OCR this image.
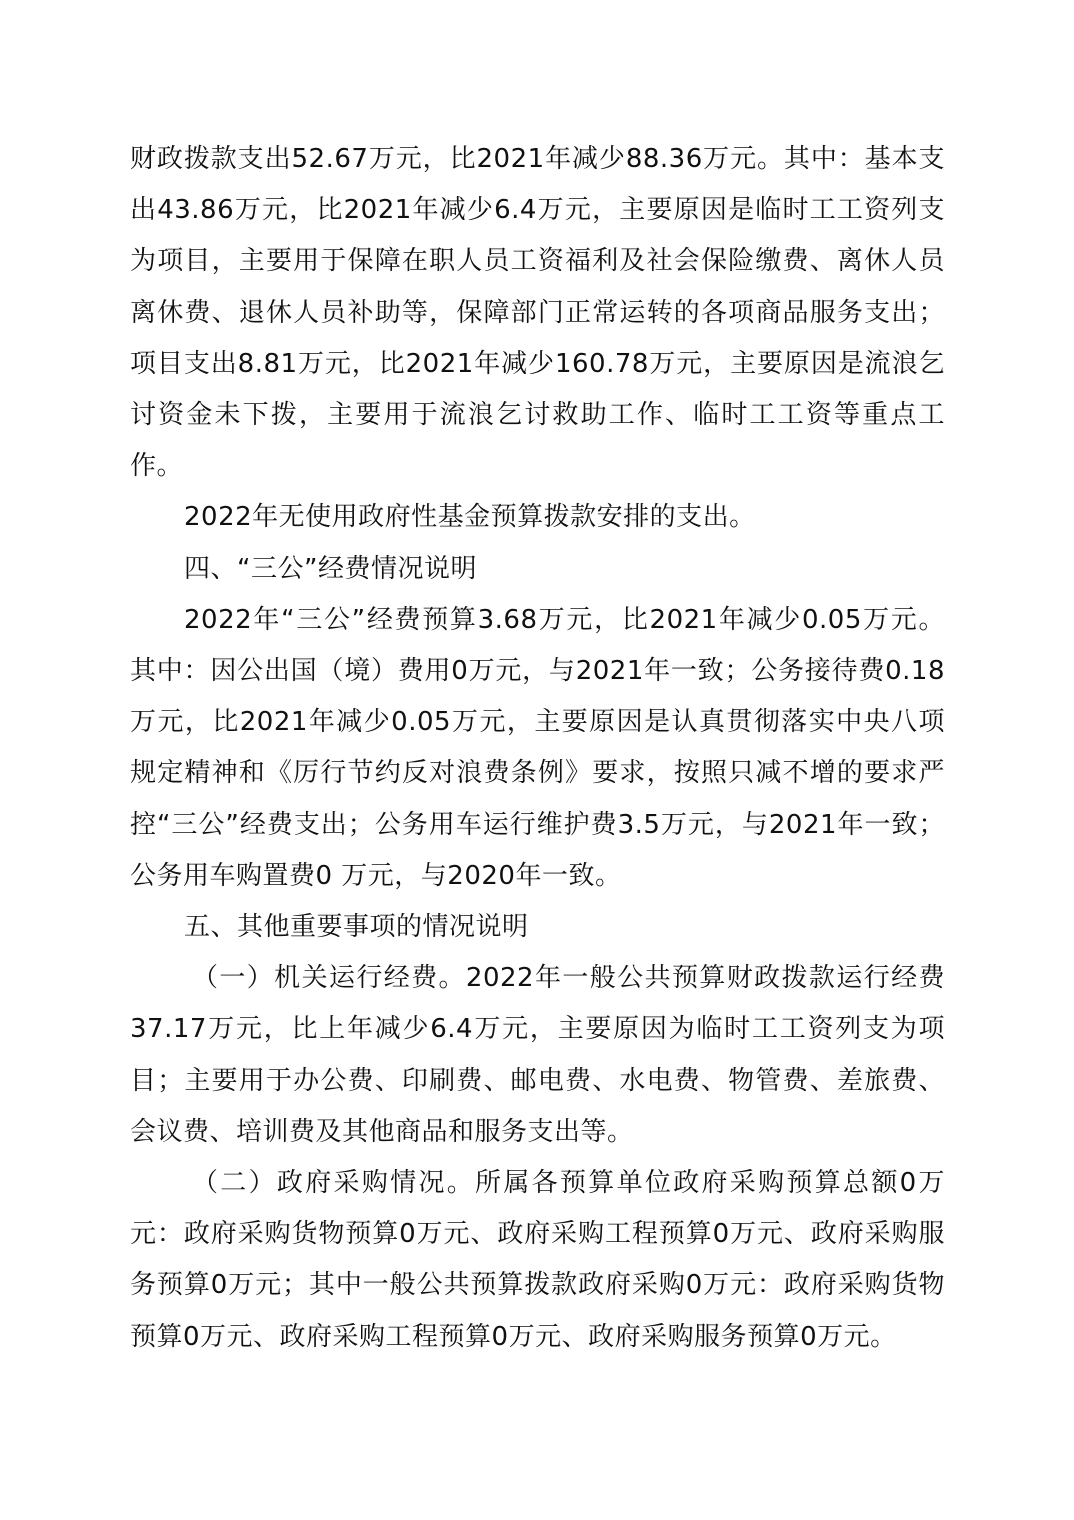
财政拨款支出52.67万元，比2021年减少88.36万元。其中：基本支出43.86万元，比2021年减少6.4万元，主要原因是临时工工资列支为项目，主要用于保障在职人员工资福利及社会保险缴费、离休人员离休费、退休人员补助等，保障部门正常运转的各项商品服务支出；项目支出8.81万元，比2021年减少160.78万元，主要原因是流浪乞讨资金未下拨，主要用于流浪乞讨救助工作、临时工工资等重点工作。

2022年无使用政府性基金预算拨款安排的支出。

四、“三公”经费情况说明

2022年“三公”经费预算3.68万元，比2021年减少0.05万元。其中：因公出国（境）费用0万元，与2021年一致；公务接待费0.18万元，比2021年减少0.05万元，主要原因是认真贯彻落实中央八项规定精神和《厉行节约反对浪费条例》要求，按照只减不增的要求严控“三公”经费支出；公务用车运行维护费3.5万元，与2021年一致；公务用车购置费0 万元，与2020年一致。

五、其他重要事项的情况说明

（一）机关运行经费。2022年一般公共预算财政拨款运行经费37.17万元，比上年减少6.4万元，主要原因为临时工工资列支为项目；主要用于办公费、印刷费、邮电费、水电费、物管费、差旅费、会议费、培训费及其他商品和服务支出等。

（二）政府采购情况。所属各预算单位政府采购预算总额0万元：政府采购货物预算0万元、政府采购工程预算0万元、政府采购服务预算0万元；其中一般公共预算拨款政府采购0万元：政府采购货物预算0万元、政府采购工程预算0万元、政府采购服务预算0万元。
